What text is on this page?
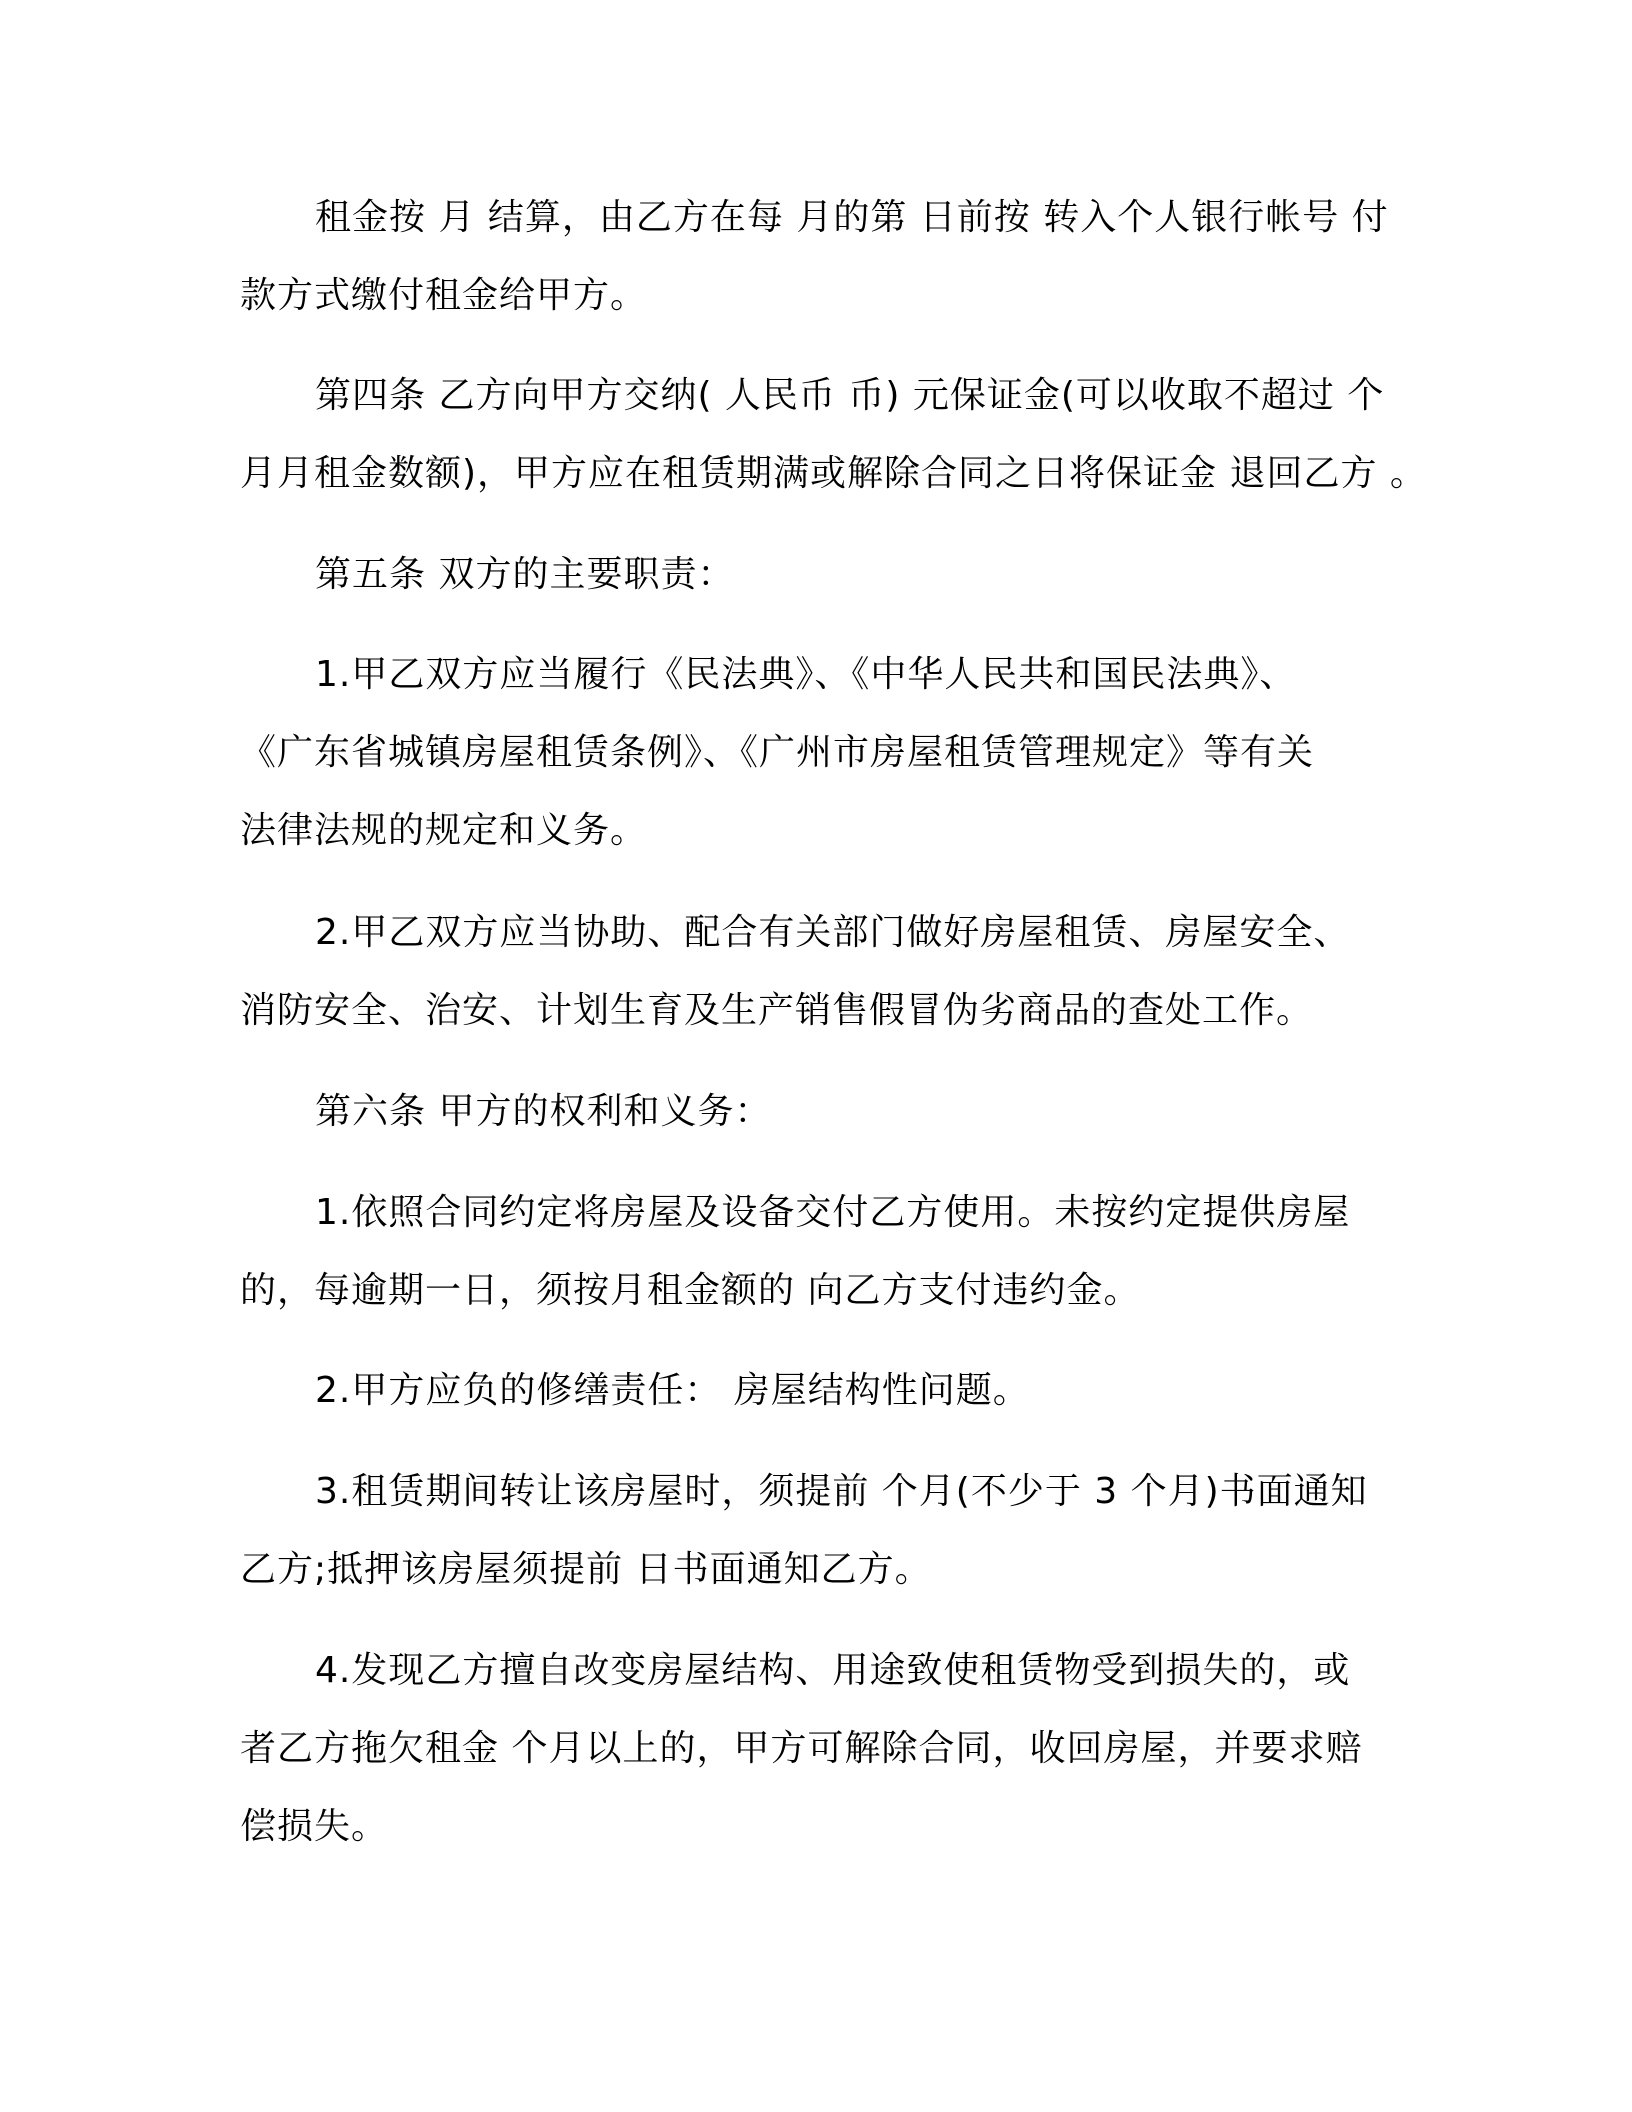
租金按 月 结算，由乙方在每 月的第 日前按 转入个人银行帐号 付
款方式缴付租金给甲方。
第四条 乙方向甲方交纳( 人民币 币) 元保证金(可以收取不超过 个
月月租金数额)，甲方应在租赁期满或解除合同之日将保证金 退回乙方 。
第五条 双方的主要职责：
1.甲乙双方应当履行《民法典》、《中华人民共和国民法典》、
《广东省城镇房屋租赁条例》、《广州市房屋租赁管理规定》等有关
法律法规的规定和义务。
2.甲乙双方应当协助、配合有关部门做好房屋租赁、房屋安全、
消防安全、治安、计划生育及生产销售假冒伪劣商品的查处工作。
第六条 甲方的权利和义务：
1.依照合同约定将房屋及设备交付乙方使用。未按约定提供房屋
的，每逾期一日，须按月租金额的 向乙方支付违约金。
2.甲方应负的修缮责任： 房屋结构性问题。
3.租赁期间转让该房屋时，须提前 个月(不少于 3 个月)书面通知
乙方;抵押该房屋须提前 日书面通知乙方。
4.发现乙方擅自改变房屋结构、用途致使租赁物受到损失的，或
者乙方拖欠租金 个月以上的，甲方可解除合同，收回房屋，并要求赔
偿损失。
